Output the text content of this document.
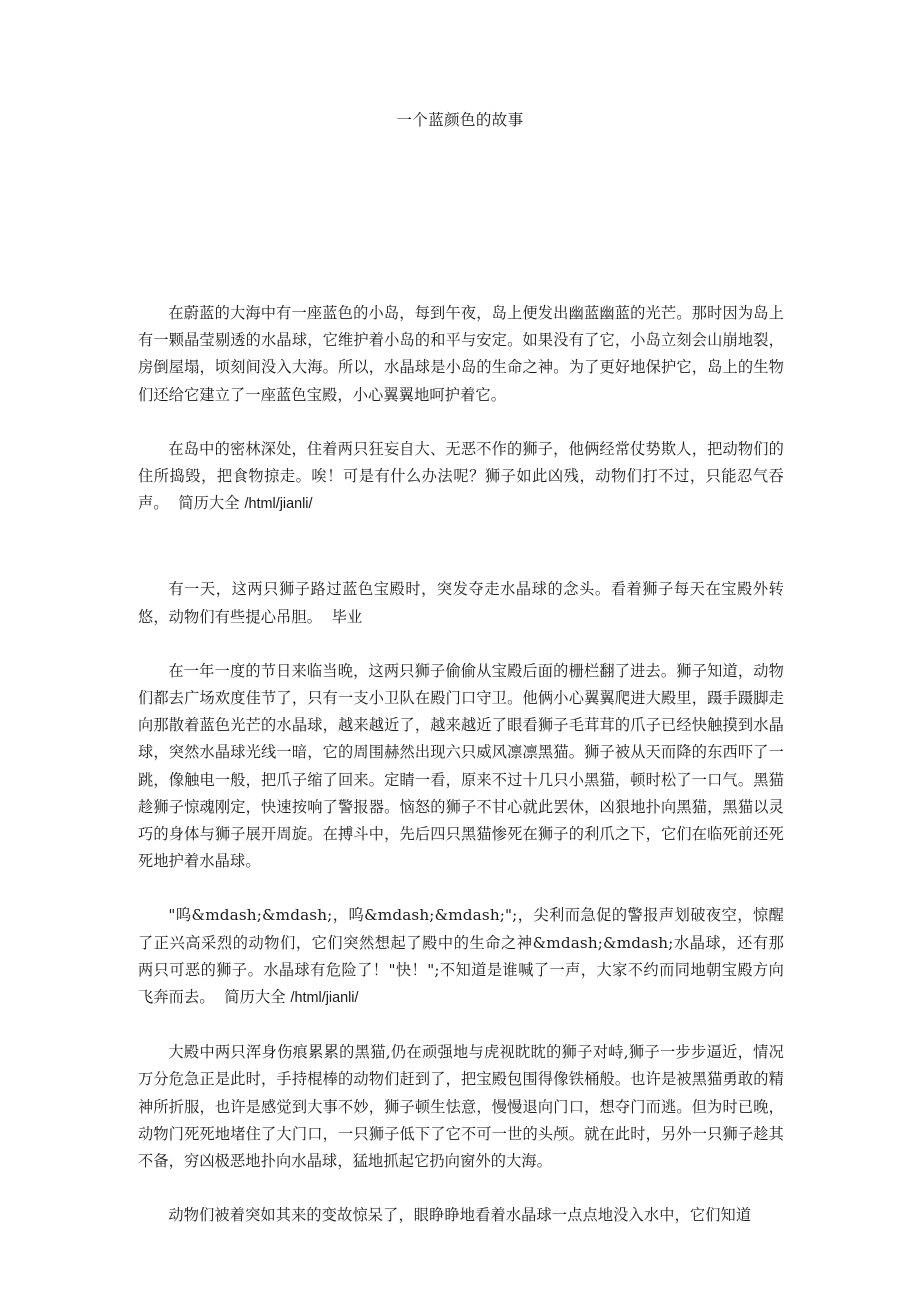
一个蓝颜色的故事

在蔚蓝的大海中有一座蓝色的小岛，每到午夜，岛上便发出幽蓝幽蓝的光芒。那时因为岛上有一颗晶莹剔透的水晶球，它维护着小岛的和平与安定。如果没有了它，小岛立刻会山崩地裂，房倒屋塌，顷刻间没入大海。所以，水晶球是小岛的生命之神。为了更好地保护它，岛上的生物们还给它建立了一座蓝色宝殿，小心翼翼地呵护着它。

在岛中的密林深处，住着两只狂妄自大、无恶不作的狮子，他俩经常仗势欺人，把动物们的住所捣毁，把食物掠走。唉！可是有什么办法呢？狮子如此凶残，动物们打不过，只能忍气吞声。 简历大全 /html/jianli/

有一天，这两只狮子路过蓝色宝殿时，突发夺走水晶球的念头。看着狮子每天在宝殿外转悠，动物们有些提心吊胆。 毕业

在一年一度的节日来临当晚，这两只狮子偷偷从宝殿后面的栅栏翻了进去。狮子知道，动物们都去广场欢度佳节了，只有一支小卫队在殿门口守卫。他俩小心翼翼爬进大殿里，蹑手蹑脚走向那散着蓝色光芒的水晶球，越来越近了，越来越近了眼看狮子毛茸茸的爪子已经快触摸到水晶球，突然水晶球光线一暗，它的周围赫然出现六只威风凛凛黑猫。狮子被从天而降的东西吓了一跳，像触电一般，把爪子缩了回来。定睛一看，原来不过十几只小黑猫，顿时松了一口气。黑猫趁狮子惊魂刚定，快速按响了警报器。恼怒的狮子不甘心就此罢休，凶狠地扑向黑猫，黑猫以灵巧的身体与狮子展开周旋。在搏斗中，先后四只黑猫惨死在狮子的利爪之下，它们在临死前还死死地护着水晶球。

"呜&mdash;&mdash;，呜&mdash;&mdash;";，尖利而急促的警报声划破夜空，惊醒了正兴高采烈的动物们，它们突然想起了殿中的生命之神&mdash;&mdash;水晶球，还有那两只可恶的狮子。水晶球有危险了！"快！";不知道是谁喊了一声，大家不约而同地朝宝殿方向飞奔而去。 简历大全 /html/jianli/

大殿中两只浑身伤痕累累的黑猫,仍在顽强地与虎视眈眈的狮子对峙,狮子一步步逼近，情况万分危急正是此时，手持棍棒的动物们赶到了，把宝殿包围得像铁桶般。也许是被黑猫勇敢的精神所折服，也许是感觉到大事不妙，狮子顿生怯意，慢慢退向门口，想夺门而逃。但为时已晚，动物门死死地堵住了大门口，一只狮子低下了它不可一世的头颅。就在此时，另外一只狮子趁其不备，穷凶极恶地扑向水晶球，猛地抓起它扔向窗外的大海。

动物们被着突如其来的变故惊呆了，眼睁睁地看着水晶球一点点地没入水中，它们知道
